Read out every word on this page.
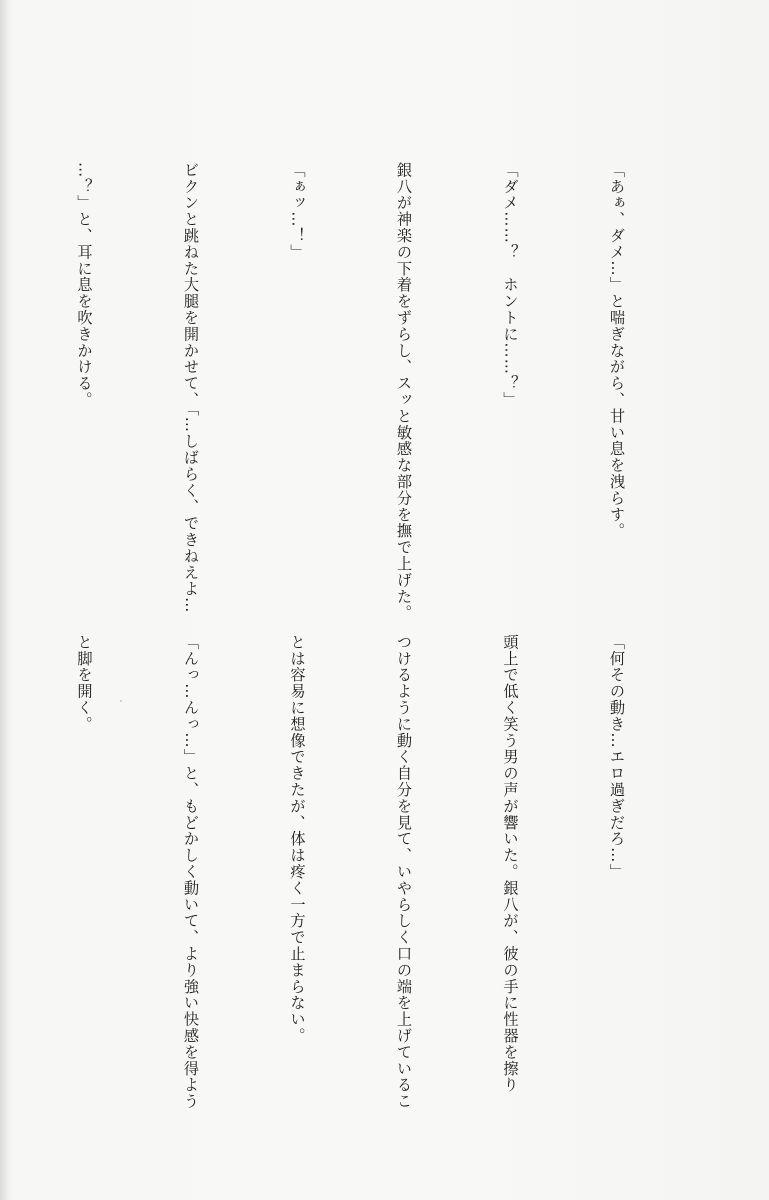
「あぁ、ダメ…」と喘ぎながら、甘い息を洩らす。

「ダメ……？　ホントに……？」

銀八が神楽の下着をずらし、スッと敏感な部分を撫で上げた。

「ぁッ…！」

ビクンと跳ねた大腿を開かせて、「…しばらく、できねえよ…

…？」と、耳に息を吹きかける。

「何その動き…エロ過ぎだろ…」

頭上で低く笑う男の声が響いた。銀八が、彼の手に性器を擦り

つけるように動く自分を見て、いやらしく口の端を上げているこ

とは容易に想像できたが、体は疼く一方で止まらない。

「んっ…んっ…」と、もどかしく動いて、より強い快感を得よう

と脚を開く。
